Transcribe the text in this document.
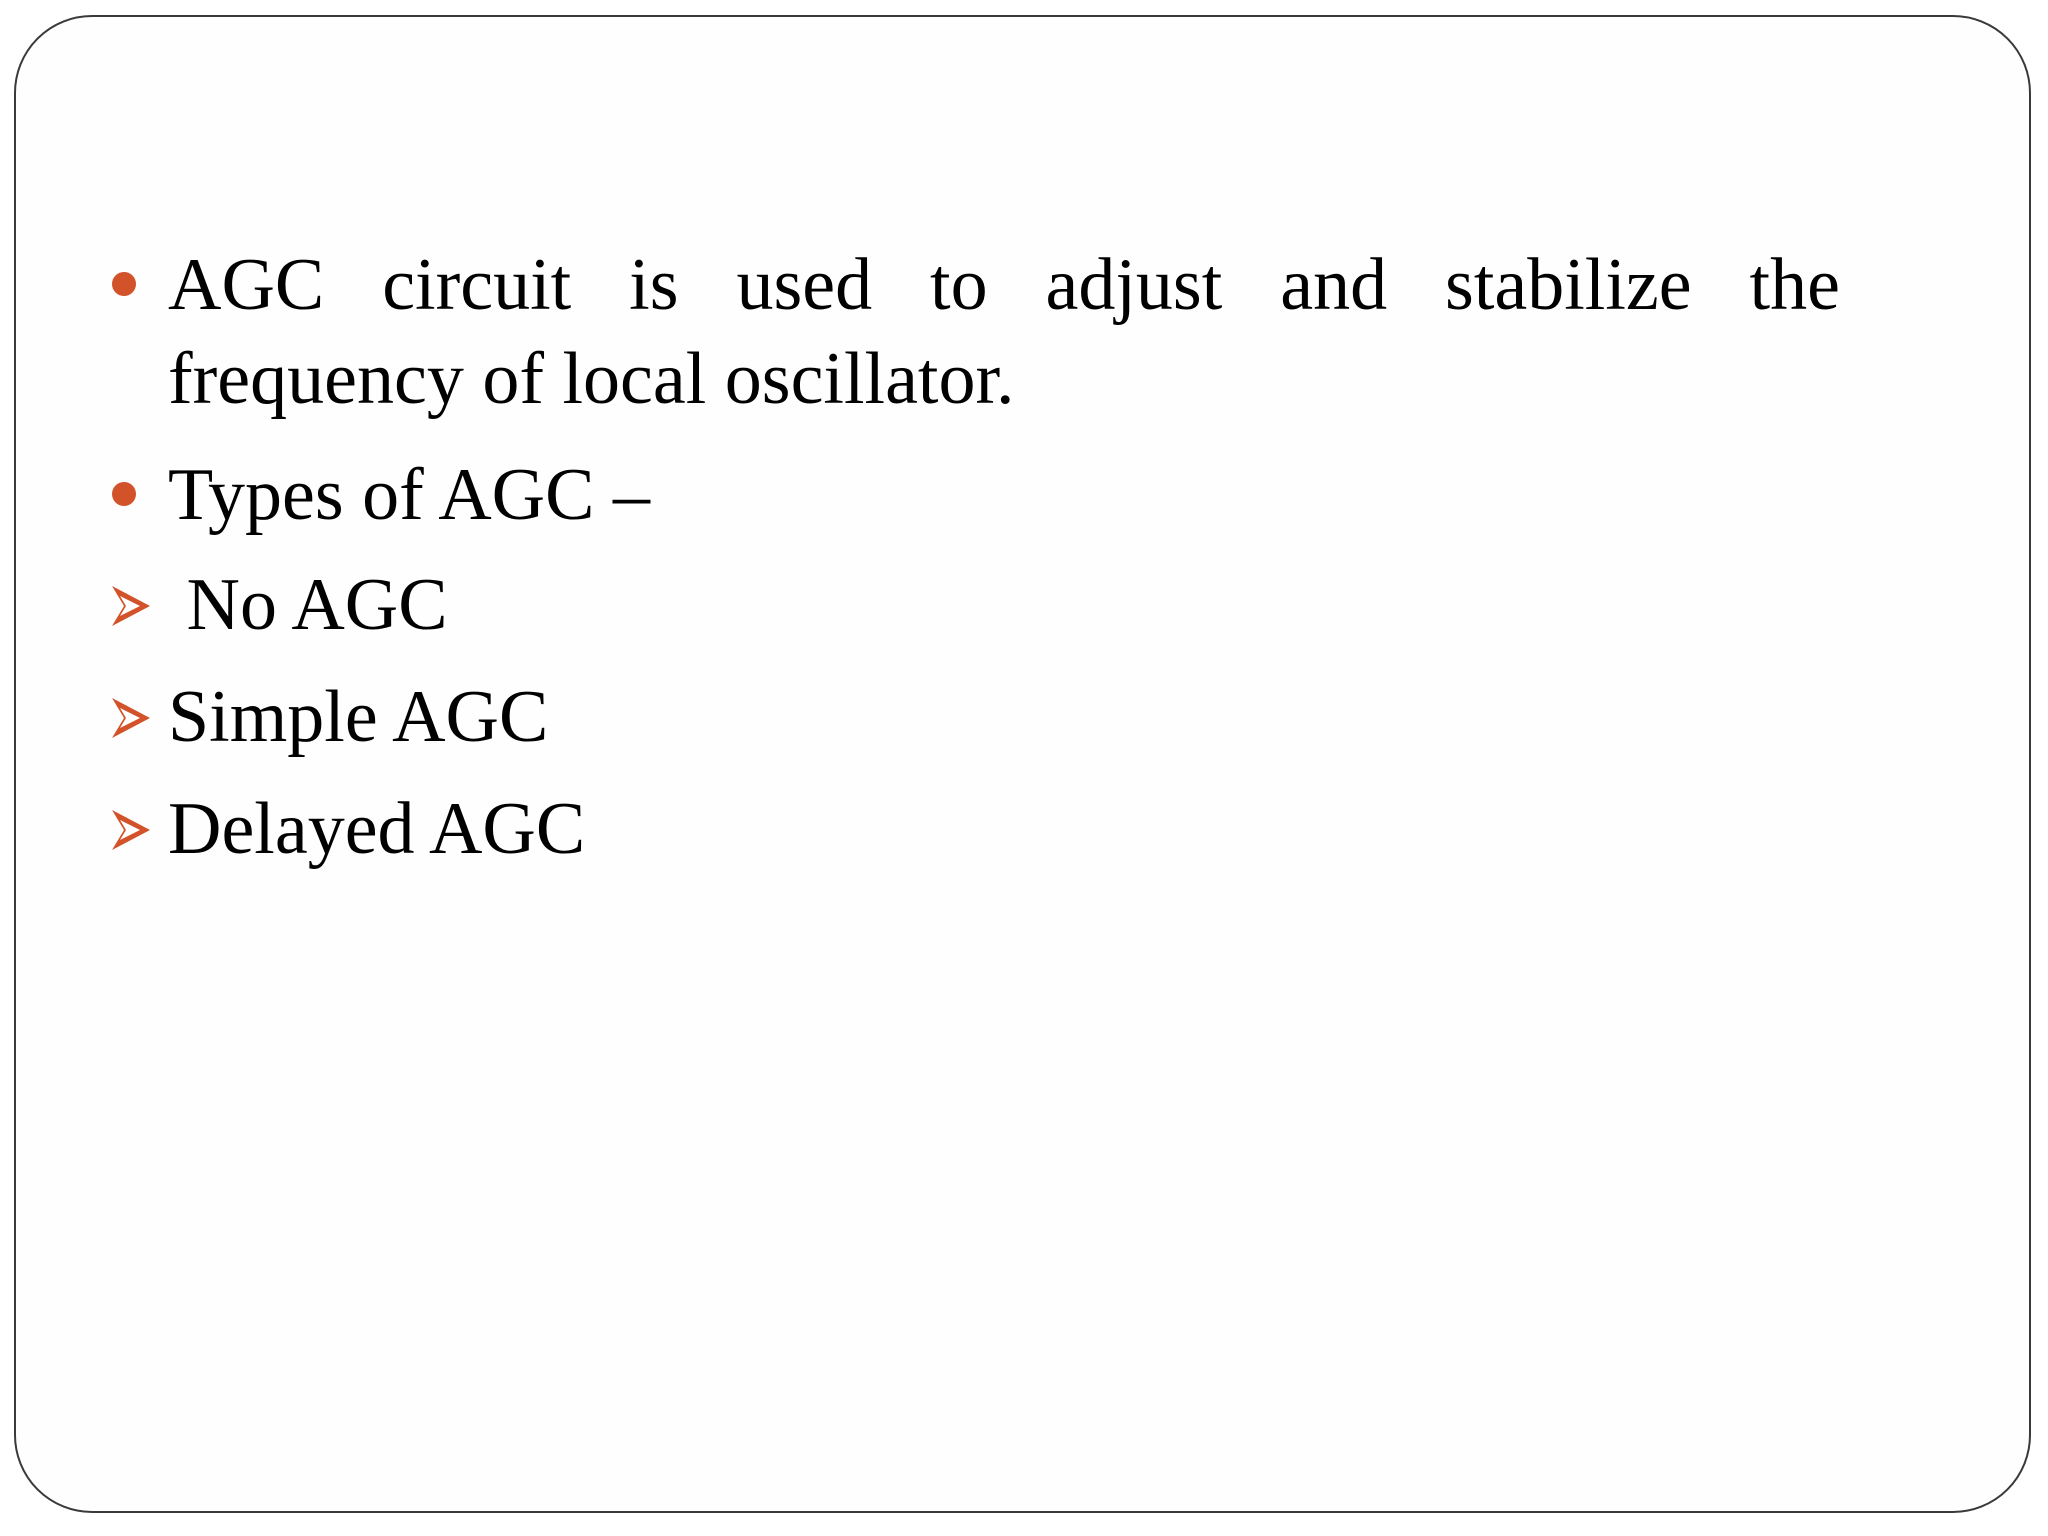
AGC circuit is used to adjust and stabilize the
frequency of local oscillator.
Types of AGC –
No AGC
Simple AGC
Delayed AGC
